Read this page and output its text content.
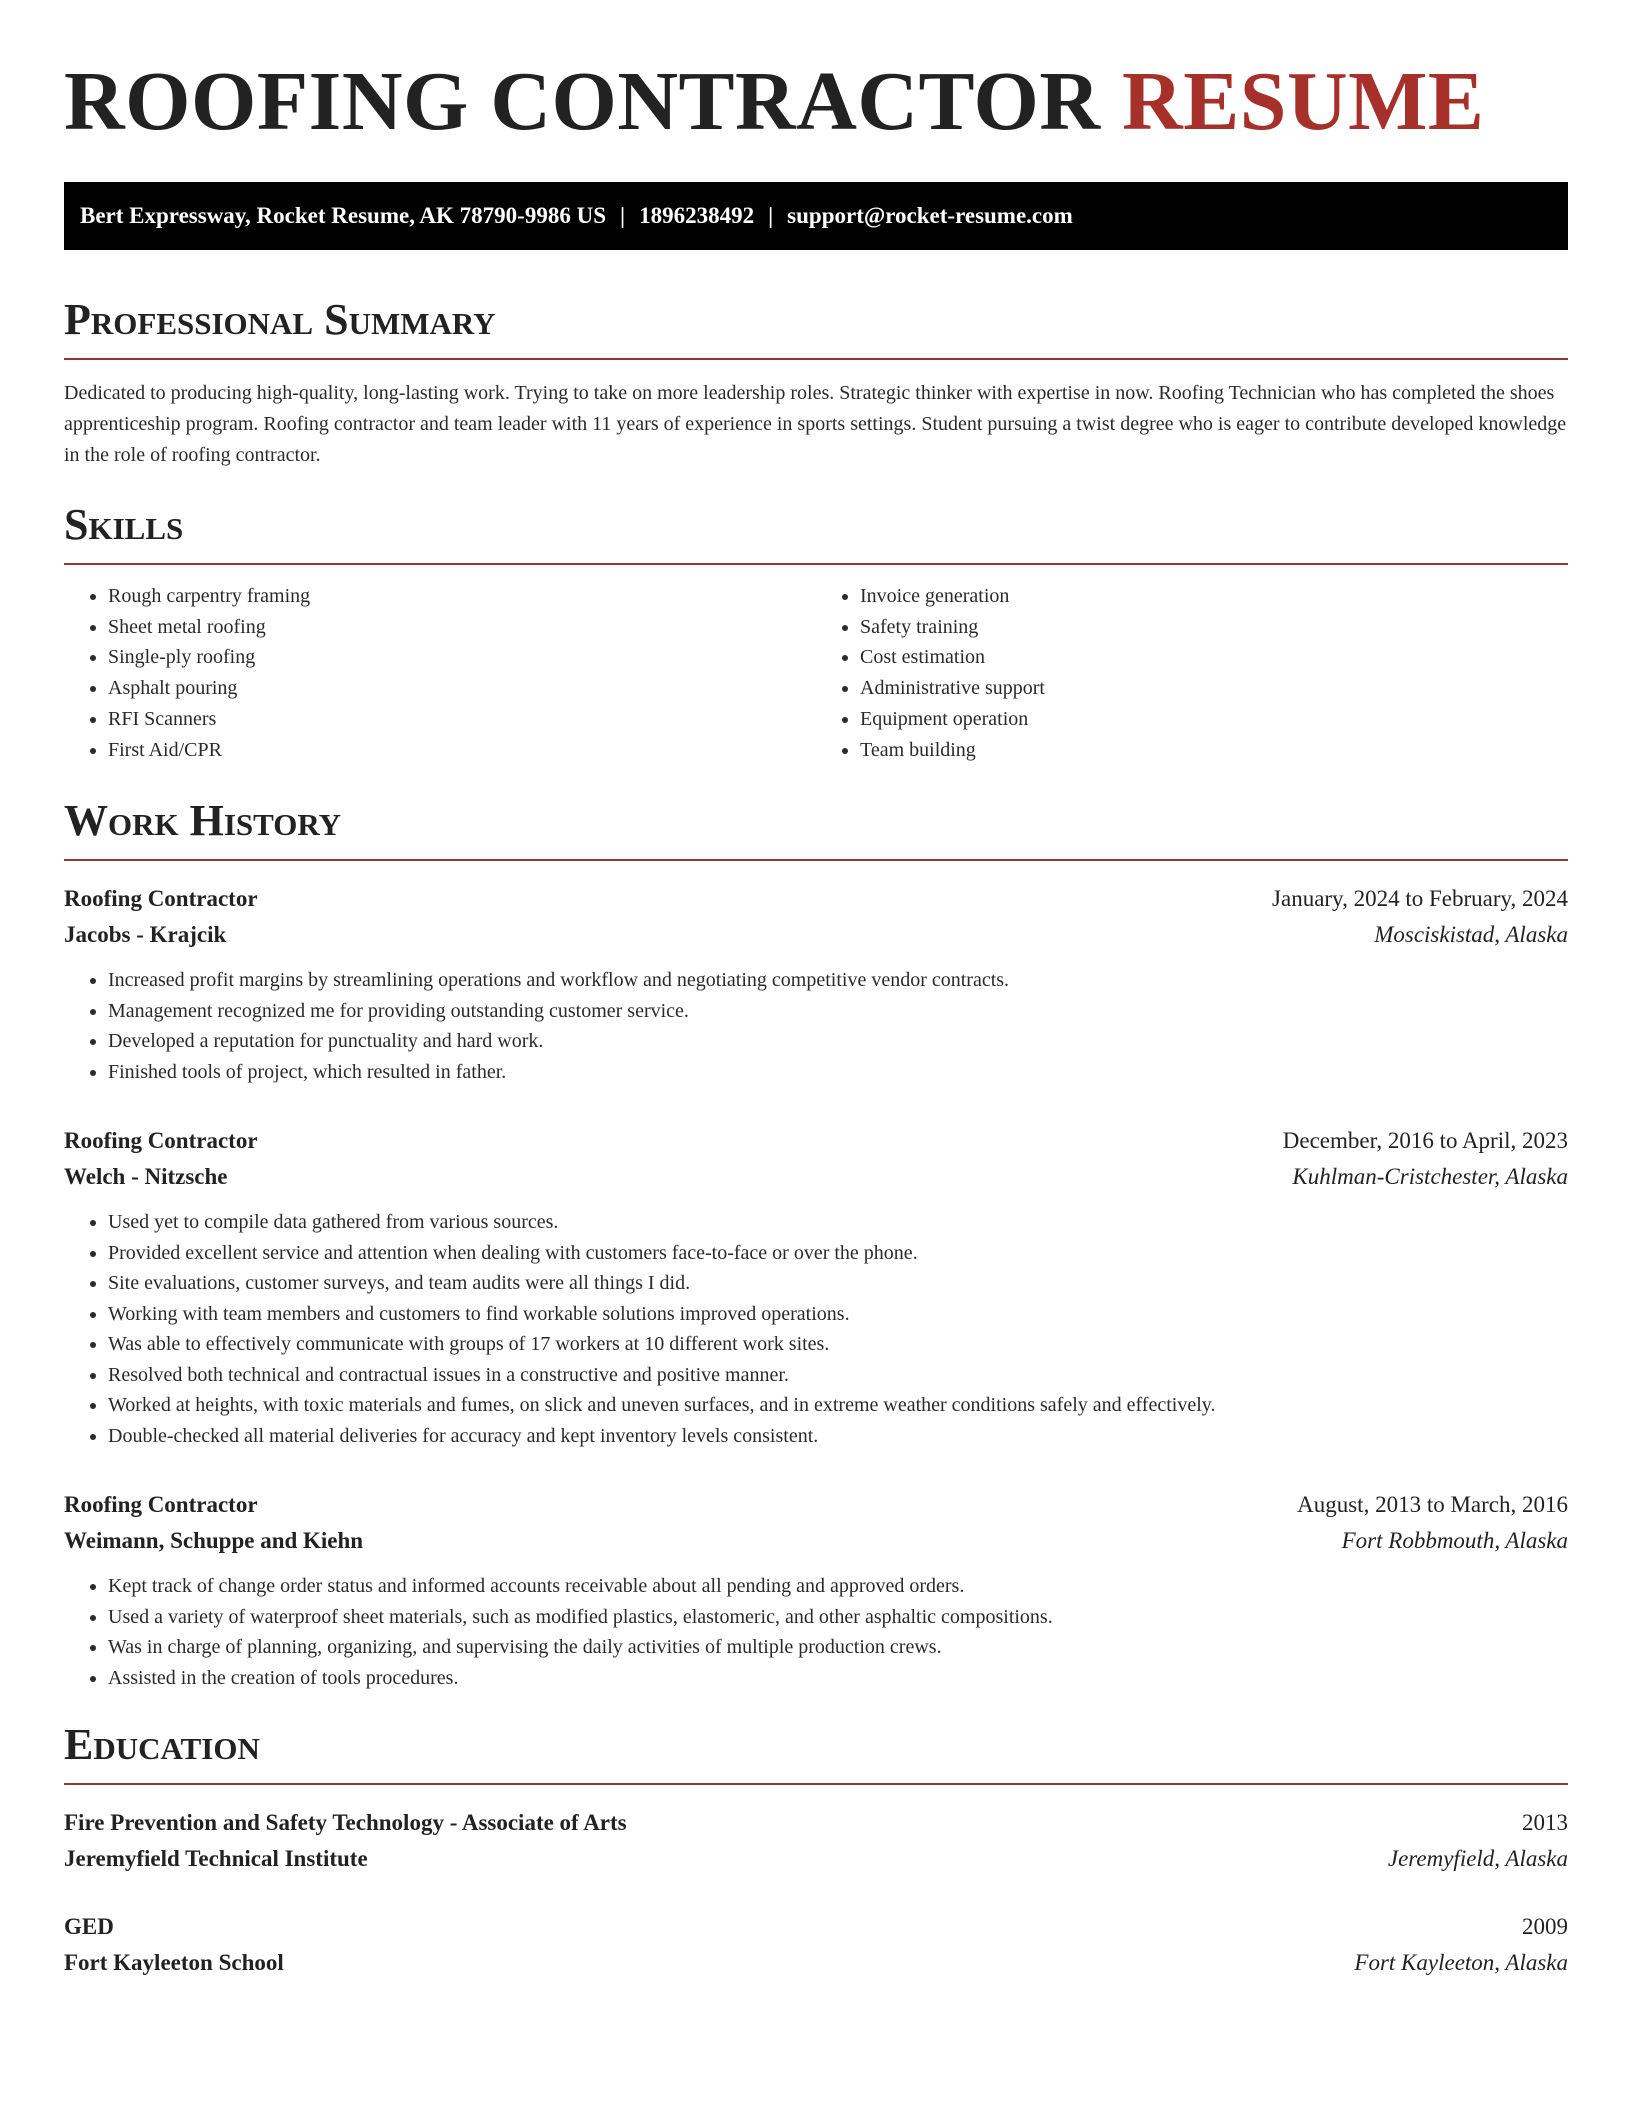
ROOFING CONTRACTOR RESUME
Bert Expressway, Rocket Resume, AK 78790-9986 US | 1896238492 | support@rocket-resume.com
Professional Summary

Dedicated to producing high-quality, long-lasting work. Trying to take on more leadership roles. Strategic thinker with expertise in now. Roofing Technician who has completed the shoes apprenticeship program. Roofing contractor and team leader with 11 years of experience in sports settings. Student pursuing a twist degree who is eager to contribute developed knowledge in the role of roofing contractor.

Skills
• Rough carpentry framing
• Sheet metal roofing
• Single-ply roofing
• Asphalt pouring
• RFI Scanners
• First Aid/CPR
• Invoice generation
• Safety training
• Cost estimation
• Administrative support
• Equipment operation
• Team building
Work History
Roofing Contractor	January, 2024 to February, 2024
Jacobs - Krajcik	Mosciskistad, Alaska
• Increased profit margins by streamlining operations and workflow and negotiating competitive vendor contracts.
• Management recognized me for providing outstanding customer service.
• Developed a reputation for punctuality and hard work.
• Finished tools of project, which resulted in father.
Roofing Contractor	December, 2016 to April, 2023
Welch - Nitzsche	Kuhlman-Cristchester, Alaska
• Used yet to compile data gathered from various sources.
• Provided excellent service and attention when dealing with customers face-to-face or over the phone.
• Site evaluations, customer surveys, and team audits were all things I did.
• Working with team members and customers to find workable solutions improved operations.
• Was able to effectively communicate with groups of 17 workers at 10 different work sites.
• Resolved both technical and contractual issues in a constructive and positive manner.
• Worked at heights, with toxic materials and fumes, on slick and uneven surfaces, and in extreme weather conditions safely and effectively.
• Double-checked all material deliveries for accuracy and kept inventory levels consistent.
Roofing Contractor	August, 2013 to March, 2016
Weimann, Schuppe and Kiehn	Fort Robbmouth, Alaska
• Kept track of change order status and informed accounts receivable about all pending and approved orders.
• Used a variety of waterproof sheet materials, such as modified plastics, elastomeric, and other asphaltic compositions.
• Was in charge of planning, organizing, and supervising the daily activities of multiple production crews.
• Assisted in the creation of tools procedures.
Education
Fire Prevention and Safety Technology - Associate of Arts	2013
Jeremyfield Technical Institute	Jeremyfield, Alaska
GED	2009
Fort Kayleeton School	Fort Kayleeton, Alaska
